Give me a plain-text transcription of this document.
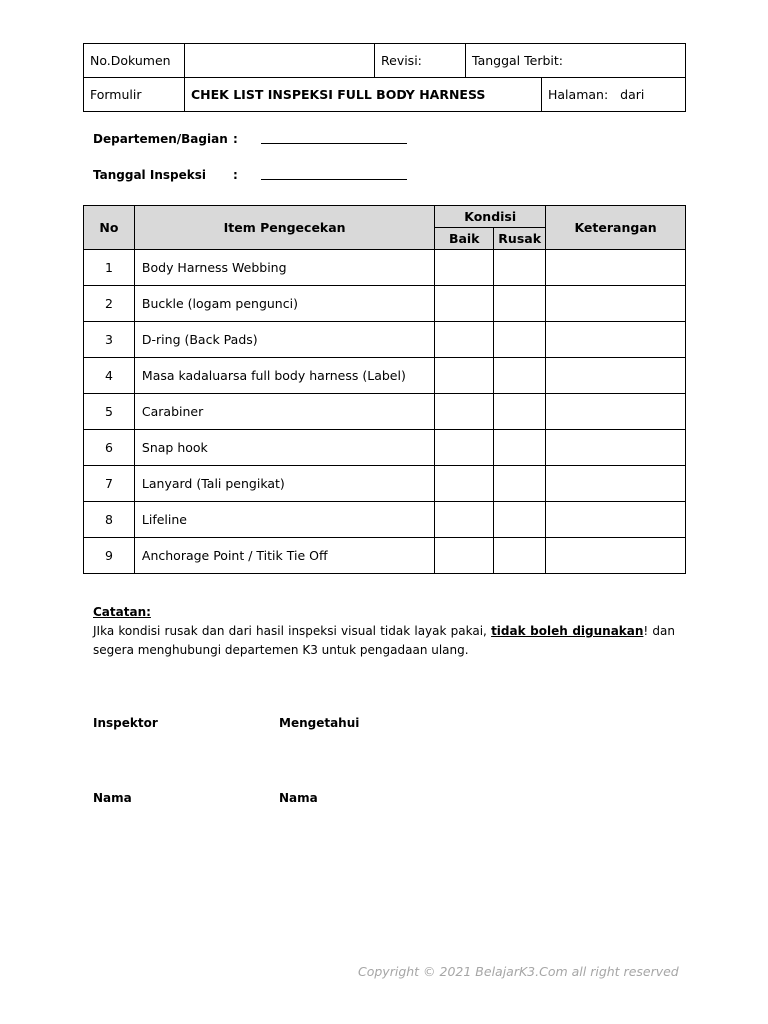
No.Dokumen		Revisi:	Tanggal Terbit:	
Formulir	CHEK LIST INSPEKSI FULL BODY HARNESS			Halaman: dari
Departemen/Bagian :
Tanggal Inspeksi :
No	Item Pengecekan	Kondisi		Keterangan
		Baik	Rusak	
1	Body Harness Webbing			
2	Buckle (logam pengunci)			
3	D-ring (Back Pads)			
4	Masa kadaluarsa full body harness (Label)			
5	Carabiner			
6	Snap hook			
7	Lanyard (Tali pengikat)			
8	Lifeline			
9	Anchorage Point / Titik Tie Off			
Catatan:
JIka kondisi rusak dan dari hasil inspeksi visual tidak layak pakai, tidak boleh digunakan! dan segera menghubungi departemen K3 untuk pengadaan ulang.
Inspektor	Mengetahui
Nama	Nama
Copyright © 2021 BelajarK3.Com all right reserved
